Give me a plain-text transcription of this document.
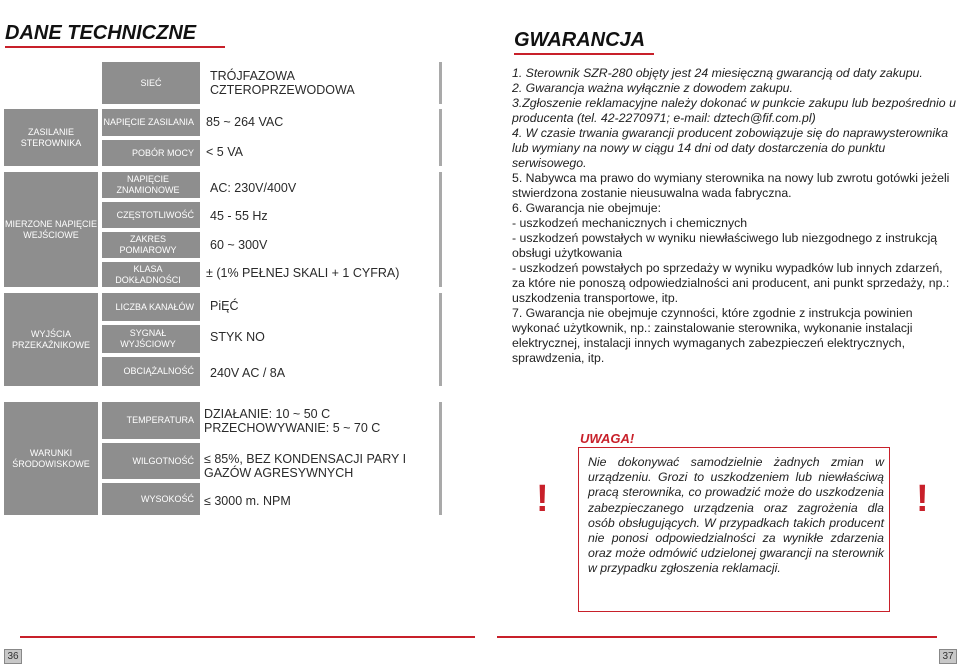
DANE TECHNICZNE
ZASILANIE STEROWNIKA
MIERZONE NAPIĘCIE WEJŚCIOWE
WYJŚCIA PRZEKAŹNIKOWE
WARUNKI ŚRODOWISKOWE
SIEĆ
NAPIĘCIE ZASILANIA
POBÓR MOCY
NAPIĘCIE ZNAMIONOWE
CZĘSTOTLIWOŚĆ
ZAKRES POMIAROWY
KLASA DOKŁADNOŚCI
LICZBA KANAŁÓW
SYGNAŁ WYJŚCIOWY
OBCIĄŻALNOŚĆ
TEMPERATURA
WILGOTNOŚĆ
WYSOKOŚĆ
TRÓJFAZOWA CZTEROPRZEWODOWA
85 ~ 264 VAC
< 5 VA
AC: 230V/400V
45 - 55 Hz
60 ~ 300V
± (1% PEŁNEJ SKALI + 1 CYFRA)
PiĘĆ
STYK NO
240V AC / 8A
DZIAŁANIE: 10 ~ 50 C PRZECHOWYWANIE: 5 ~ 70 C
≤ 85%, BEZ KONDENSACJI PARY I GAZÓW AGRESYWNYCH
≤ 3000 m. NPM
GWARANCJA

1. Sterownik SZR-280 objęty jest 24 miesięczną gwarancją od daty zakupu.

2. Gwarancja ważna wyłącznie z dowodem zakupu.

3.Zgłoszenie reklamacyjne należy dokonać w punkcie zakupu lub bezpośrednio u producenta (tel. 42-2270971; e-mail: dztech@fif.com.pl)

4. W czasie trwania gwarancji producent zobowiązuje się do naprawysterownika lub wymiany na nowy w ciągu 14 dni od daty dostarczenia do punktu serwisowego.

5. Nabywca ma prawo do wymiany sterownika na nowy lub zwrotu gotówki jeżeli stwierdzona zostanie nieusuwalna wada fabryczna.

6. Gwarancja nie obejmuje:

- uszkodzeń mechanicznych i chemicznych

- uszkodzeń powstałych w wyniku niewłaściwego lub niezgodnego z instrukcją obsługi użytkowania

- uszkodzeń powstałych po sprzedaży w wyniku wypadków lub innych zdarzeń, za które nie ponoszą odpowiedzialności ani producent, ani punkt sprzedaży, np.: uszkodzenia transportowe, itp.

7. Gwarancja nie obejmuje czynności, które zgodnie z instrukcja powinien wykonać użytkownik, np.: zainstalowanie sterownika, wykonanie instalacji elektrycznej, instalacji innych wymaganych zabezpieczeń elektrycznych, sprawdzenia, itp.

UWAGA!
!	!
Nie dokonywać samodzielnie żadnych zmian w urządzeniu. Grozi to uszkodzeniem lub niewłaściwą pracą sterownika, co prowadzić może do uszkodzenia zabezpieczanego urządzenia oraz zagrożenia dla osób obsługujących. W przypadkach takich producent nie ponosi odpowiedzialności za wynikłe zdarzenia oraz może odmówić udzielonej gwarancji na sterownik w przypadku zgłoszenia reklamacji.
36	37
